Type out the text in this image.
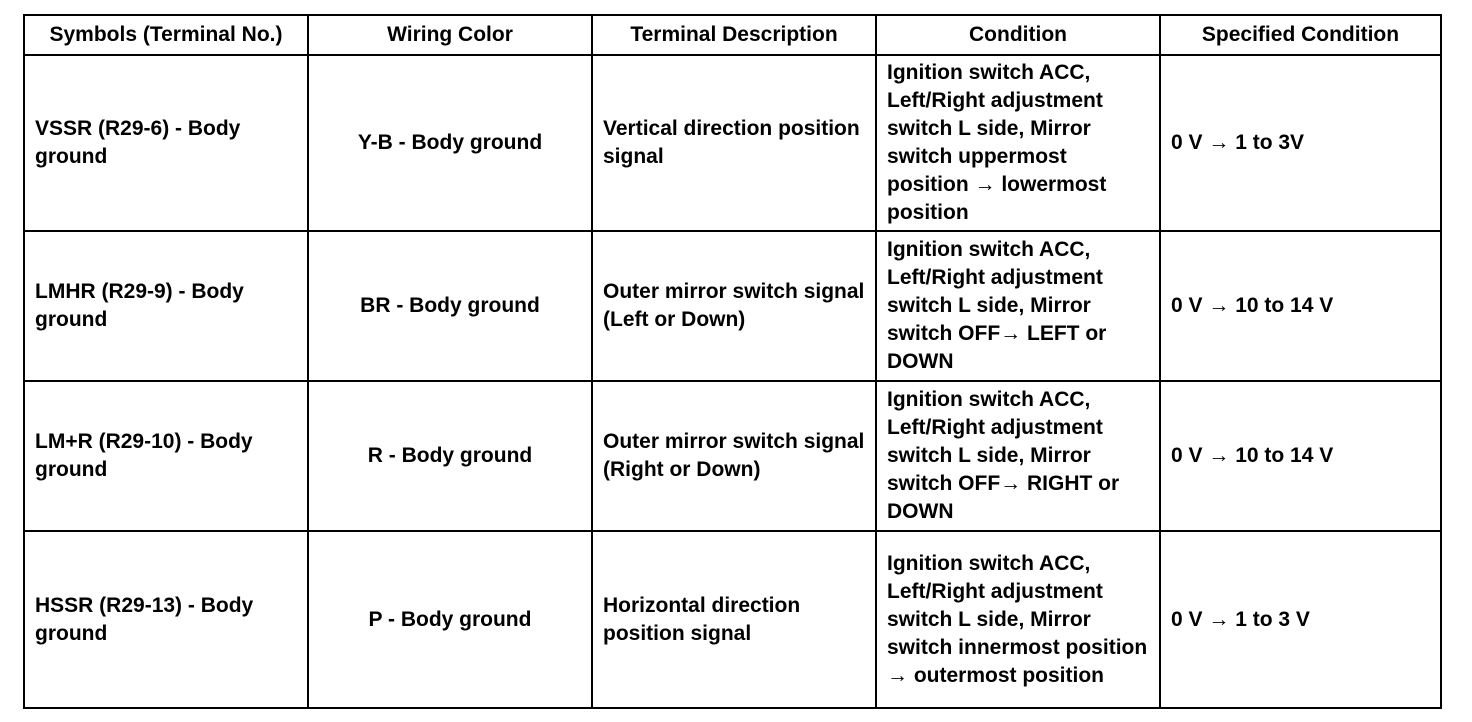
Symbols (Terminal No.)	Wiring Color	Terminal Description	Condition	Specified Condition
VSSR (R29-6) - Body ground	Y-B - Body ground	Vertical direction position signal	Ignition switch ACC, Left/Right adjustment switch L side, Mirror switch uppermost position → lowermost position	0 V → 1 to 3V
LMHR (R29-9) - Body ground	BR - Body ground	Outer mirror switch signal (Left or Down)	Ignition switch ACC, Left/Right adjustment switch L side, Mirror switch OFF→ LEFT or DOWN	0 V → 10 to 14 V
LM+R (R29-10) - Body ground	R - Body ground	Outer mirror switch signal (Right or Down)	Ignition switch ACC, Left/Right adjustment switch L side, Mirror switch OFF→ RIGHT or DOWN	0 V → 10 to 14 V
HSSR (R29-13) - Body ground	P - Body ground	Horizontal direction position signal	Ignition switch ACC, Left/Right adjustment switch L side, Mirror switch innermost position → outermost position	0 V → 1 to 3 V
